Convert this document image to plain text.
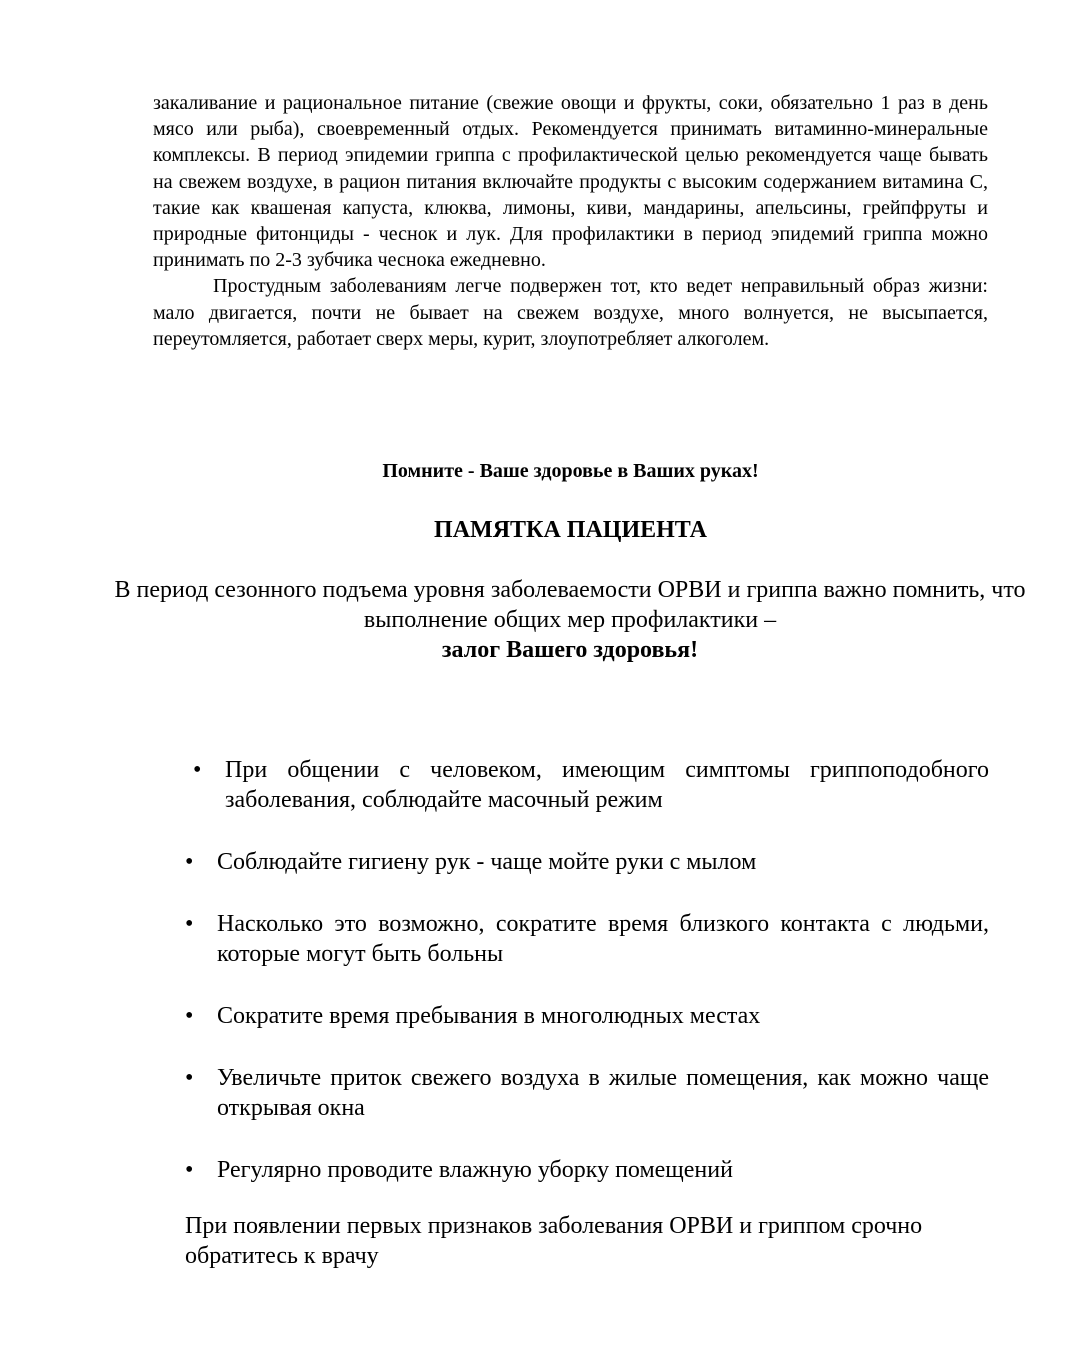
закаливание и рациональное питание (свежие овощи и фрукты, соки, обязательно 1 раз в день мясо или рыба), своевременный отдых. Рекомендуется принимать витаминно-минеральные комплексы. В период эпидемии гриппа с профилактической целью рекомендуется чаще бывать на свежем воздухе, в рацион питания включайте продукты с высоким содержанием витамина С, такие как квашеная капуста, клюква, лимоны, киви, мандарины, апельсины, грейпфруты и природные фитонциды - чеснок и лук. Для профилактики в период эпидемий гриппа можно принимать по 2-3 зубчика чеснока ежедневно.

Простудным заболеваниям легче подвержен тот, кто ведет неправильный образ жизни: мало двигается, почти не бывает на свежем воздухе, много волнуется, не высыпается, переутомляется, работает сверх меры, курит, злоупотребляет алкоголем.

Помните - Ваше здоровье в Ваших руках!
ПАМЯТКА ПАЦИЕНТА
В период сезонного подъема уровня заболеваемости ОРВИ и гриппа важно помнить, что выполнение общих мер профилактики –
залог Вашего здоровья!
• При общении с человеком, имеющим симптомы гриппоподобного заболевания, соблюдайте масочный режим
• Соблюдайте гигиену рук - чаще мойте руки с мылом
• Насколько это возможно, сократите время близкого контакта с людьми, которые могут быть больны
• Сократите время пребывания в многолюдных местах
• Увеличьте приток свежего воздуха в жилые помещения, как можно чаще открывая окна
• Регулярно проводите влажную уборку помещений
При появлении первых признаков заболевания ОРВИ и гриппом срочно обратитесь к врачу
